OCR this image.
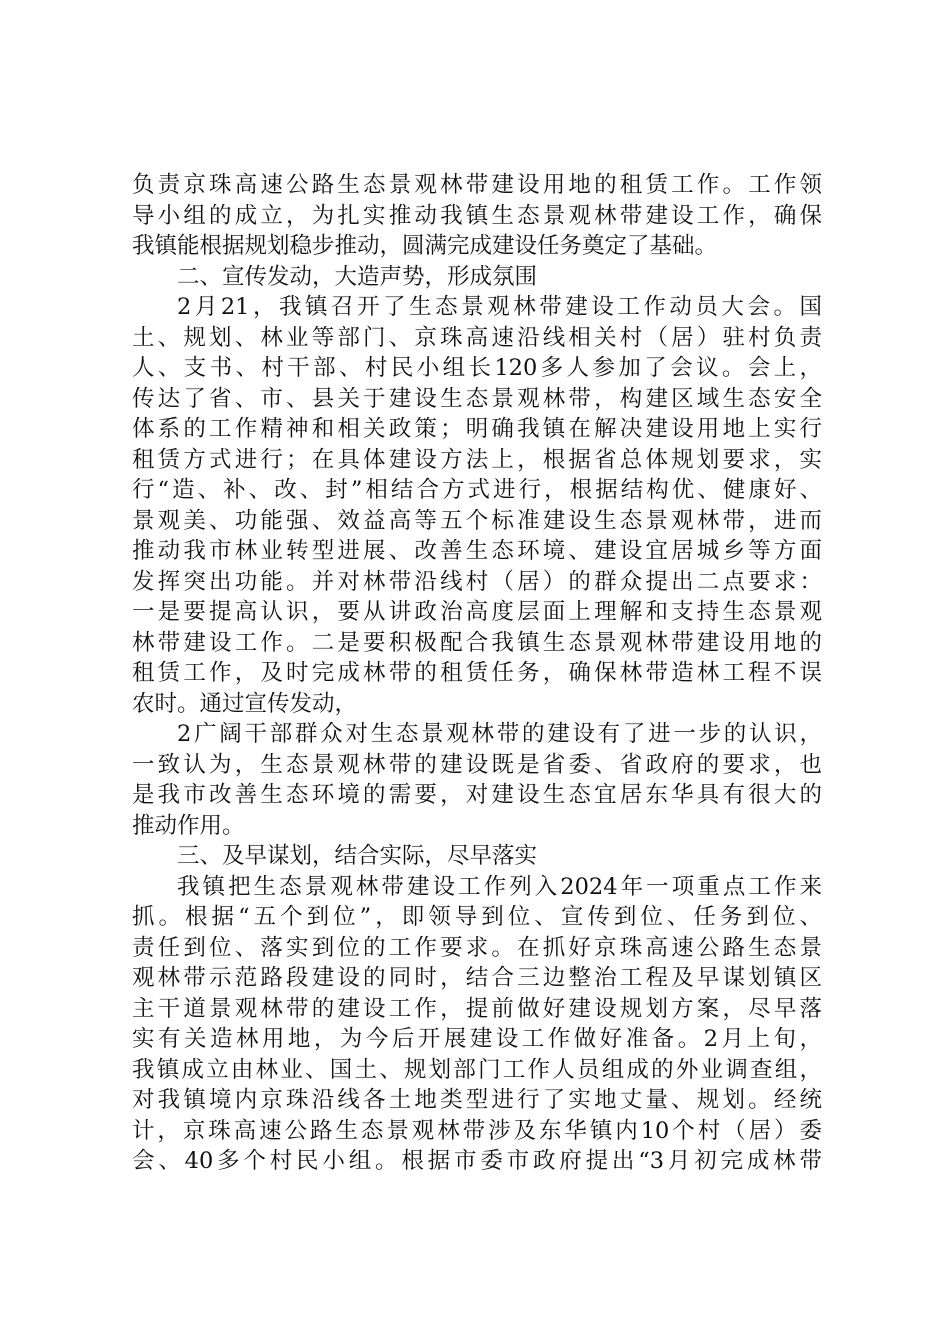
负责京珠高速公路生态景观林带建设用地的租赁工作。工作领
导小组的成立，为扎实推动我镇生态景观林带建设工作，确保
我镇能根据规划稳步推动，圆满完成建设任务奠定了基础。
二、宣传发动，大造声势，形成氛围
2月21，我镇召开了生态景观林带建设工作动员大会。国
土、规划、林业等部门、京珠高速沿线相关村（居）驻村负责
人、支书、村干部、村民小组长120多人参加了会议。会上，
传达了省、市、县关于建设生态景观林带，构建区域生态安全
体系的工作精神和相关政策；明确我镇在解决建设用地上实行
租赁方式进行；在具体建设方法上，根据省总体规划要求，实
行“造、补、改、封”相结合方式进行，根据结构优、健康好、
景观美、功能强、效益高等五个标准建设生态景观林带，进而
推动我市林业转型进展、改善生态环境、建设宜居城乡等方面
发挥突出功能。并对林带沿线村（居）的群众提出二点要求：
一是要提高认识，要从讲政治高度层面上理解和支持生态景观
林带建设工作。二是要积极配合我镇生态景观林带建设用地的
租赁工作，及时完成林带的租赁任务，确保林带造林工程不误
农时。通过宣传发动，
2广阔干部群众对生态景观林带的建设有了进一步的认识，
一致认为，生态景观林带的建设既是省委、省政府的要求，也
是我市改善生态环境的需要，对建设生态宜居东华具有很大的
推动作用。
三、及早谋划，结合实际，尽早落实
我镇把生态景观林带建设工作列入2024年一项重点工作来
抓。根据“五个到位”，即领导到位、宣传到位、任务到位、
责任到位、落实到位的工作要求。在抓好京珠高速公路生态景
观林带示范路段建设的同时，结合三边整治工程及早谋划镇区
主干道景观林带的建设工作，提前做好建设规划方案，尽早落
实有关造林用地，为今后开展建设工作做好准备。2月上旬，
我镇成立由林业、国土、规划部门工作人员组成的外业调查组，
对我镇境内京珠沿线各土地类型进行了实地丈量、规划。经统
计，京珠高速公路生态景观林带涉及东华镇内10个村（居）委
会、40多个村民小组。根据市委市政府提出“3月初完成林带
